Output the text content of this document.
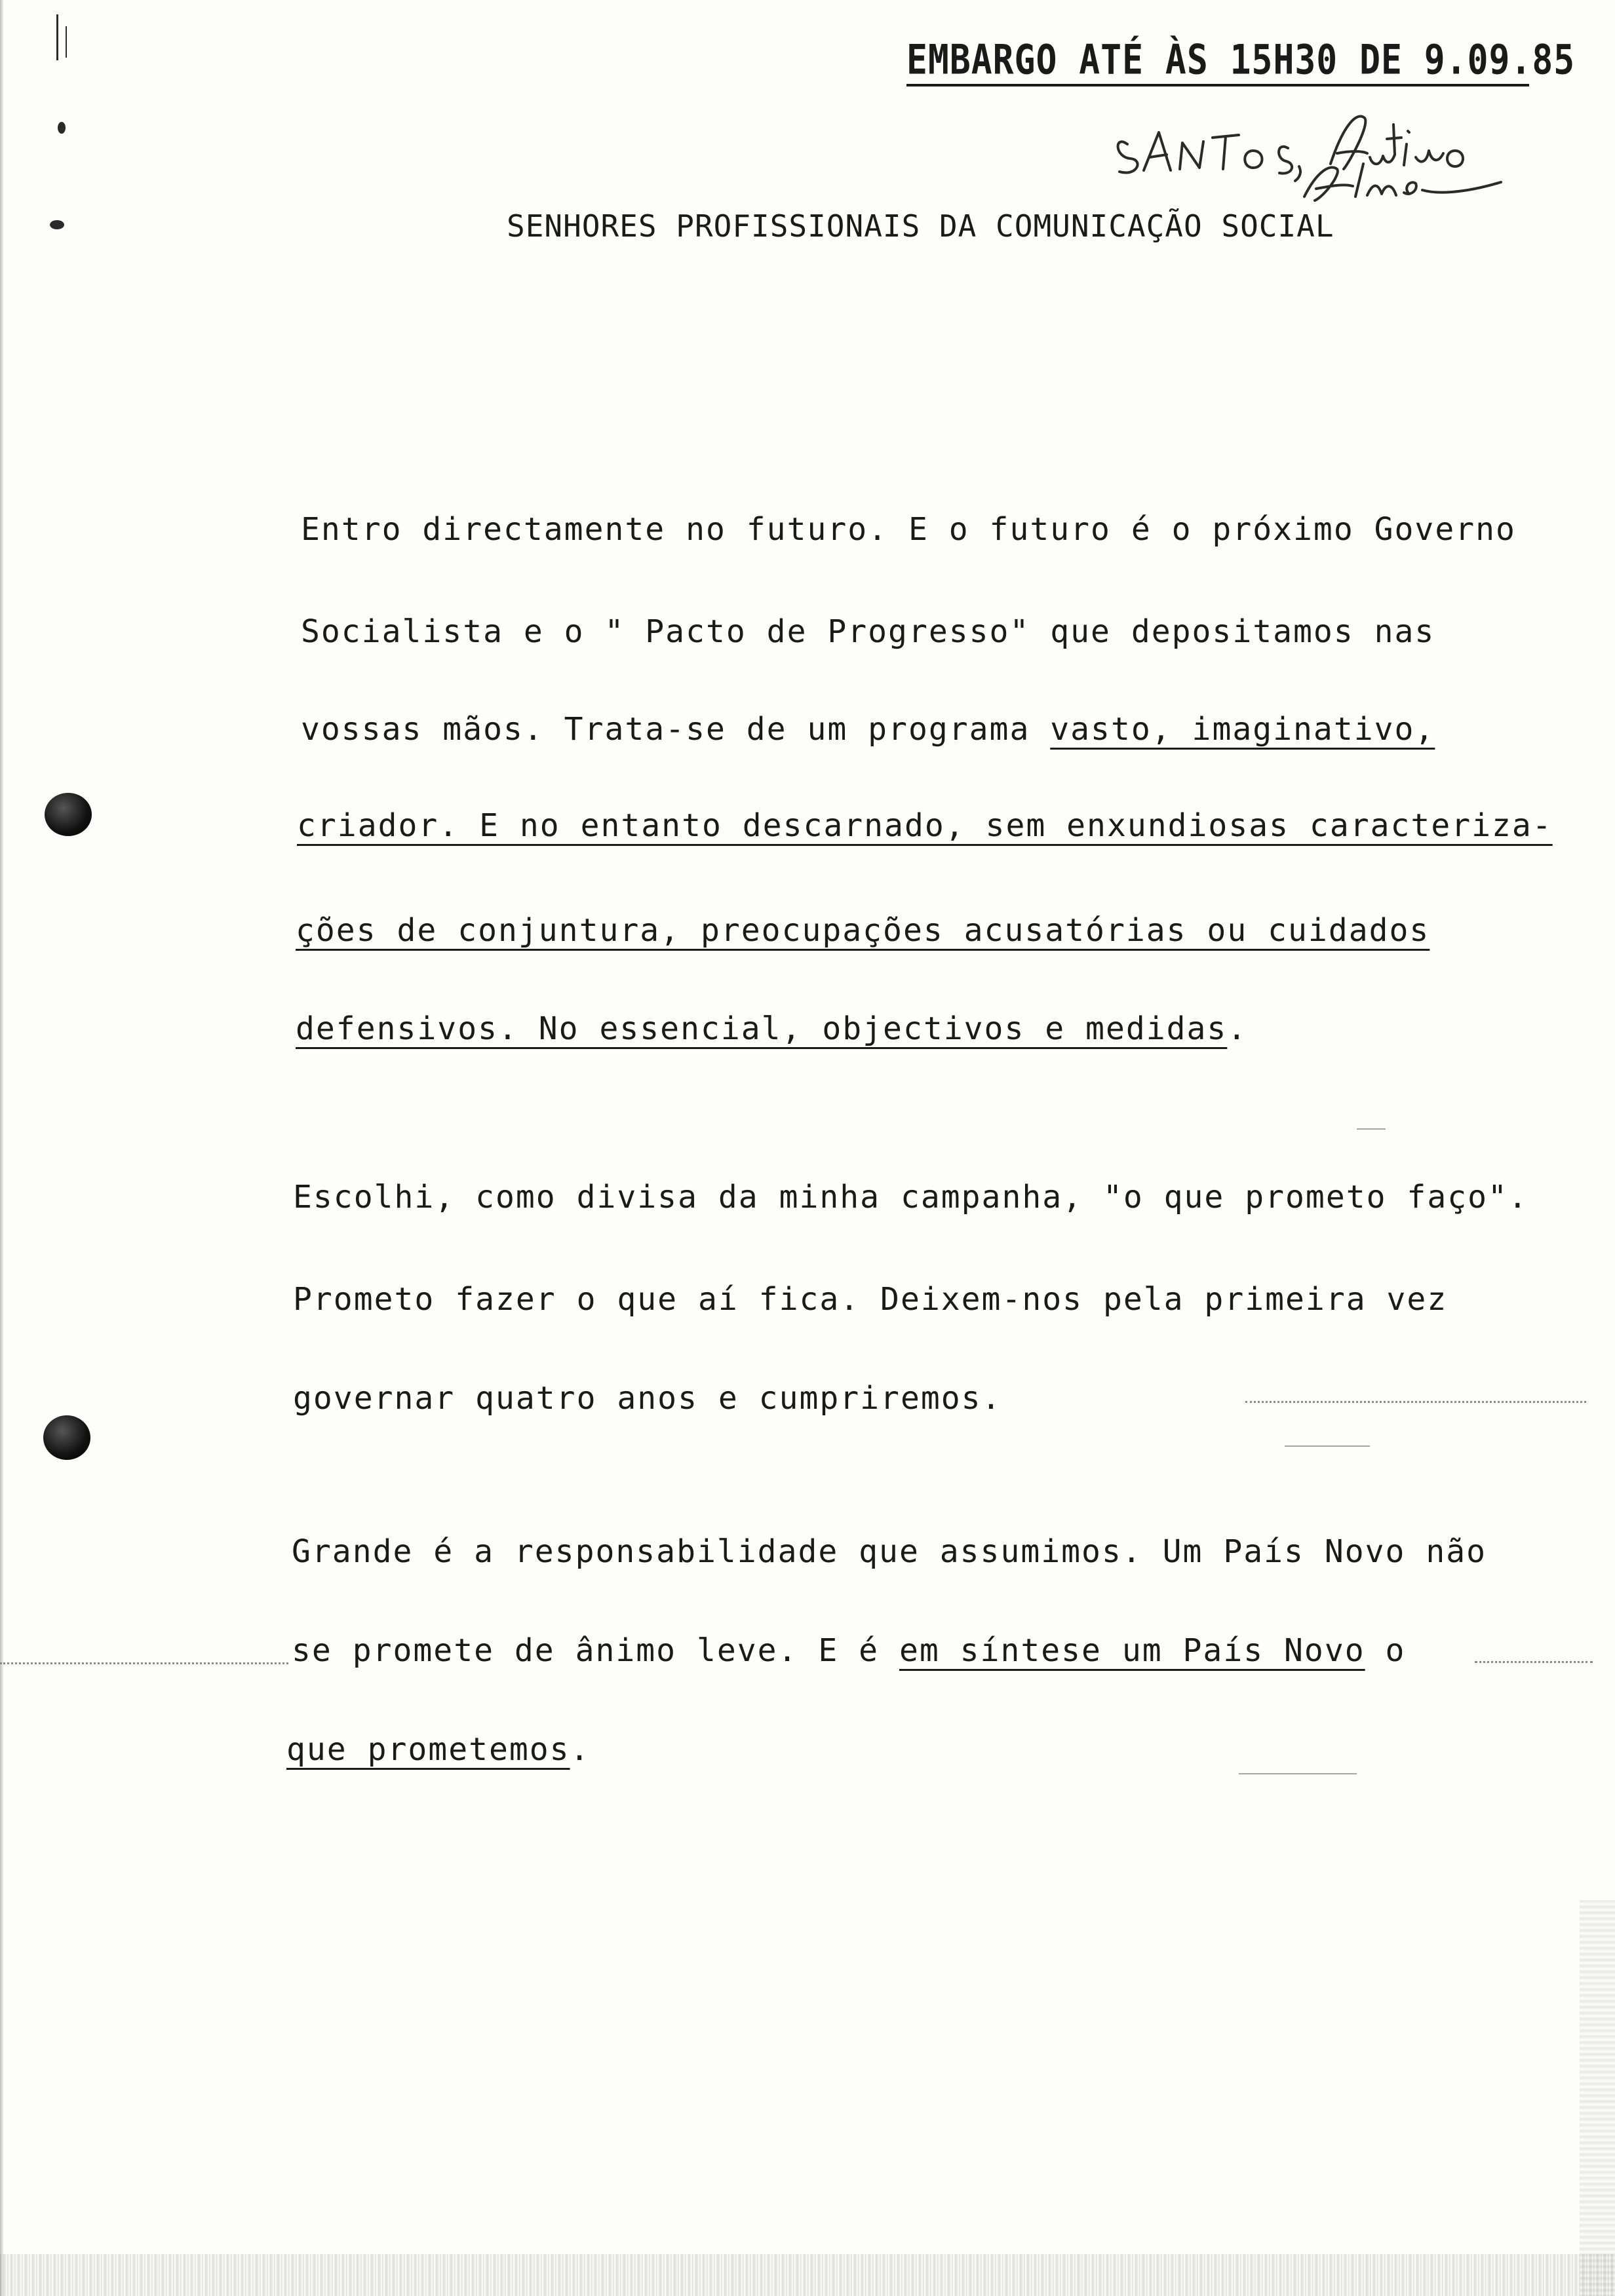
EMBARGO ATÉ ÀS 15H30 DE 9.09.85
SENHORES PROFISSIONAIS DA COMUNICAÇÃO SOCIAL
Entro directamente no futuro. E o futuro é o próximo Governo
Socialista e o " Pacto de Progresso" que depositamos nas
vossas mãos. Trata-se de um programa vasto, imaginativo,
criador. E no entanto descarnado, sem enxundiosas caracteriza-
ções de conjuntura, preocupações acusatórias ou cuidados
defensivos. No essencial, objectivos e medidas.
Escolhi, como divisa da minha campanha, "o que prometo faço".
Prometo fazer o que aí fica. Deixem-nos pela primeira vez
governar quatro anos e cumpriremos.
Grande é a responsabilidade que assumimos. Um País Novo não
se promete de ânimo leve. E é em síntese um País Novo o
que prometemos.
